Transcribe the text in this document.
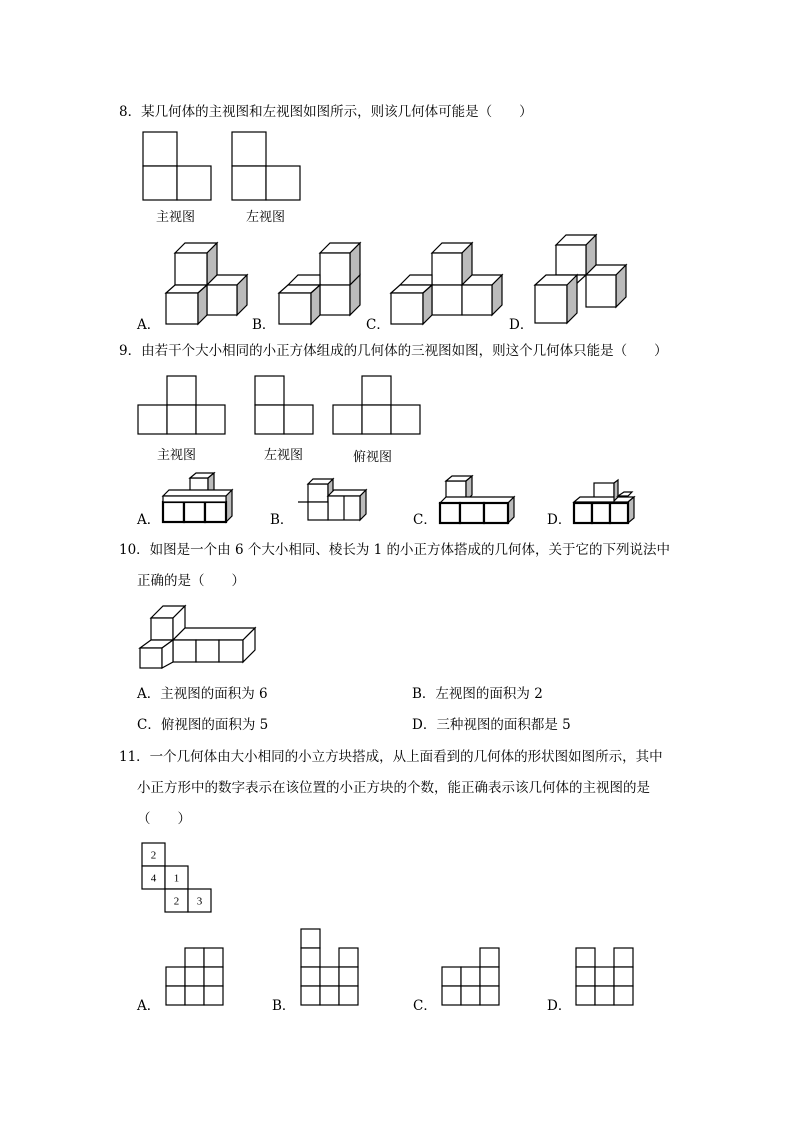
8．某几何体的主视图和左视图如图所示，则该几何体可能是（　　）
主视图	左视图
A．	B．	C．	D．
9．由若干个大小相同的小正方体组成的几何体的三视图如图，则这个几何体只能是（　　）
主视图	左视图	俯视图
A．	B．	C．	D．
10．如图是一个由 6 个大小相同、棱长为 1 的小正方体搭成的几何体，关于它的下列说法中
正确的是（　　）
A．主视图的面积为 6	B．左视图的面积为 2
C．俯视图的面积为 5	D．三种视图的面积都是 5
11．一个几何体由大小相同的小立方块搭成，从上面看到的几何体的形状图如图所示，其中
小正方形中的数字表示在该位置的小正方块的个数，能正确表示该几何体的主视图的是
（　　）
2
4 1
2 3
A．	B．	C．	D．
